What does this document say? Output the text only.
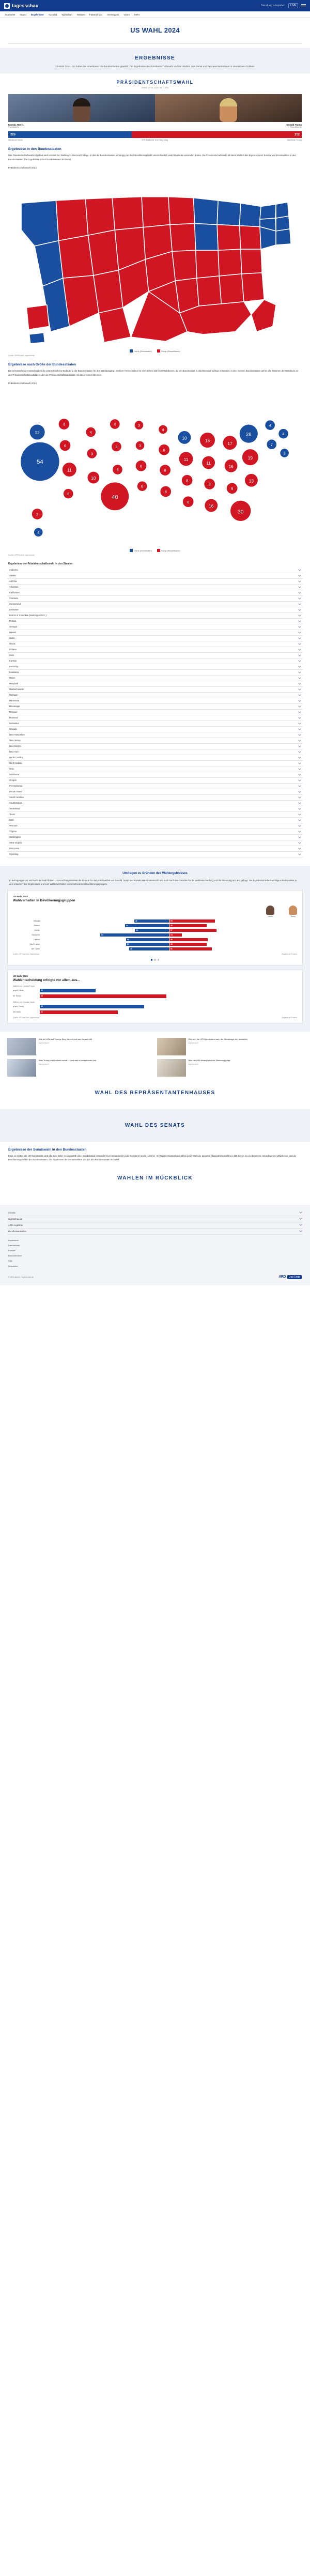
tagesschau	Sendung abspielen	LIVE
Startseite Inland Ergebnisse Ausland Wirtschaft Wissen Faktenfinder Investigativ Video Mehr
US WAHL 2024
ERGEBNISSE

US-Wahl 2024 - So haben die Amerikaner US-Bundesstaaten gewählt: Die Ergebnisse der Präsidentschaftswahl und der Wahlen zum Senat und Repräsentantenhaus in interaktiven Grafiken.

PRÄSIDENTSCHAFTSWAHL
Stand: 07.01.2025, 08:11 Uhr
Kamala Harris
Demokraten
Donald Trump
Republikaner
226	312
Wahlleute Harris	270 Wahlleute zum Sieg nötig	Wahlleute Trump
Ergebnisse in den Bundesstaaten

Das Präsidentschaftswahl-Ergebnis wird ermittelt am Wahltag in Electoral College. In das die Bundesstaaten abhängig von ihrer Bevölkerungszahl unterschiedlich viele Wahlleute entsenden dürfen. Die Präsidentschaftswahl ist damit letztlich das Ergebnis einer Summe von Einzelwahlen in den Bundesstaaten. Die Ergebnisse in den Bundesstaaten im Detail.

Präsidentschaftswahl 2024
Harris (Demokraten)	Trump (Republikaner)
Quelle: AP/Reuters, tagesschau
Ergebnisse nach Größe der Bundesstaaten

Diese Darstellung veranschaulicht die unterschiedliche Bedeutung der Bundesstaaten für den Wahlausgang: Größere Kreise stehen für eine höhere Zahl von Wahlleuten, die ein Bundesstaat in das Electoral College entsendet. In den meisten Bundesstaaten gehen alle Stimmen der Wahlleute an den Präsidentschaftskandidaten oder die Präsidentschaftskandidatin mit den meisten Stimmen.

Präsidentschaftswahl 2024
54
12
4
6
11
6
4
3
10
4
3
6
40
3
3
6
8
4
6
8
8
10
11
8
6
15
11
8
16
17
16
9
28
19
13
30
4
7
4
3
3
4
Harris (Demokraten)	Trump (Republikaner)
Quelle: AP/Reuters, tagesschau
Ergebnisse der Präsidentschaftswahl in den Staaten
Alabama
Alaska
Arizona
Arkansas
Kalifornien
Colorado
Connecticut
Delaware
District of Columbia (Washington D.C.)
Florida
Georgia
Hawaii
Idaho
Illinois
Indiana
Iowa
Kansas
Kentucky
Louisiana
Maine
Maryland
Massachusetts
Michigan
Minnesota
Mississippi
Missouri
Montana
Nebraska
Nevada
New Hampshire
New Jersey
New Mexico
New York
North Carolina
North Dakota
Ohio
Oklahoma
Oregon
Pennsylvania
Rhode Island
South Carolina
South Dakota
Tennessee
Texas
Utah
Vermont
Virginia
Washington
West Virginia
Wisconsin
Wyoming
Umfragen zu Gründen des Wahlergebnisses

In Befragungen vor und nach der Wahl haben US-Forschungsinstitute die Gründe für das Abschneiden von Donald Trump und Kamala Harris untersucht und auch nach den Gründen für die Wahlentscheidung und die Stimmung im Land gefragt. Die Ergebnisse liefern wichtige Anhaltspunkte zu den Ursachen des Ergebnisses und zum Wählerverhalten bei verschiedenen Bevölkerungsgruppen.

US-Wahl 2024
Wahlverhalten in Bevölkerungsgruppen
Harris	Trump
Männer	42	55
Frauen	53	45
Weiße	41	57
Schwarze	83	15
Latinos	52	46
18-29 Jahre	52	45
65+ Jahre	48	51
Quelle: AP VoteCast / tagesschau	Angaben in Prozent
US-Wahl 2024
Wahlentscheidung erfolgte vor allem aus...
Wähler von Donald Trump
gegen Harris	30
für Trump	68
Wähler von Kamala Harris
gegen Trump	56
für Harris	42
Quelle: AP VoteCast / tagesschau	Angaben in Prozent
Wie die USA auf Trumps Sieg blicken und was ihn antreibt
tagesschau24
Wie sich die US-Demokraten nach der Niederlage neu aufstellen
tagesschau24
Was Trump jetzt konkret vorhat — und was er versprochen hat
tagesschau24
Was die USA bewegt und die Stimmung prägt
tagesschau24
WAHL DES REPRÄSENTANTENHAUSES
WAHL DES SENATS
Ergebnisse der Senatswahl in den Bundesstaaten

Etwa ein Drittel der 100 Senatssitze wird alle zwei Jahre neu gewählt; jeder Bundesstaat entsendet zwei Senatorinnen oder Senatoren in die Kammer. Im Repräsentantenhaus ist bei jeder Wahl die gesamte Abgeordnetenzahl von 435 Sitzen neu zu besetzen. Grundlage der Wahlkreise sind die Bevölkerungszahlen der Bundesstaaten. Die Ergebnisse der Senatswahlen 2024 in den Bundesstaaten im Detail.

WAHLEN IM RÜCKBLICK
Service
tagesschau.de
ARD-Angebote
Rundfunkanstalten
Impressum
Datenschutz
Kontakt
Barrierefreiheit
Hilfe
Newsletter
© ARD-aktuell / tagesschau.de	ARD	Das Erste
